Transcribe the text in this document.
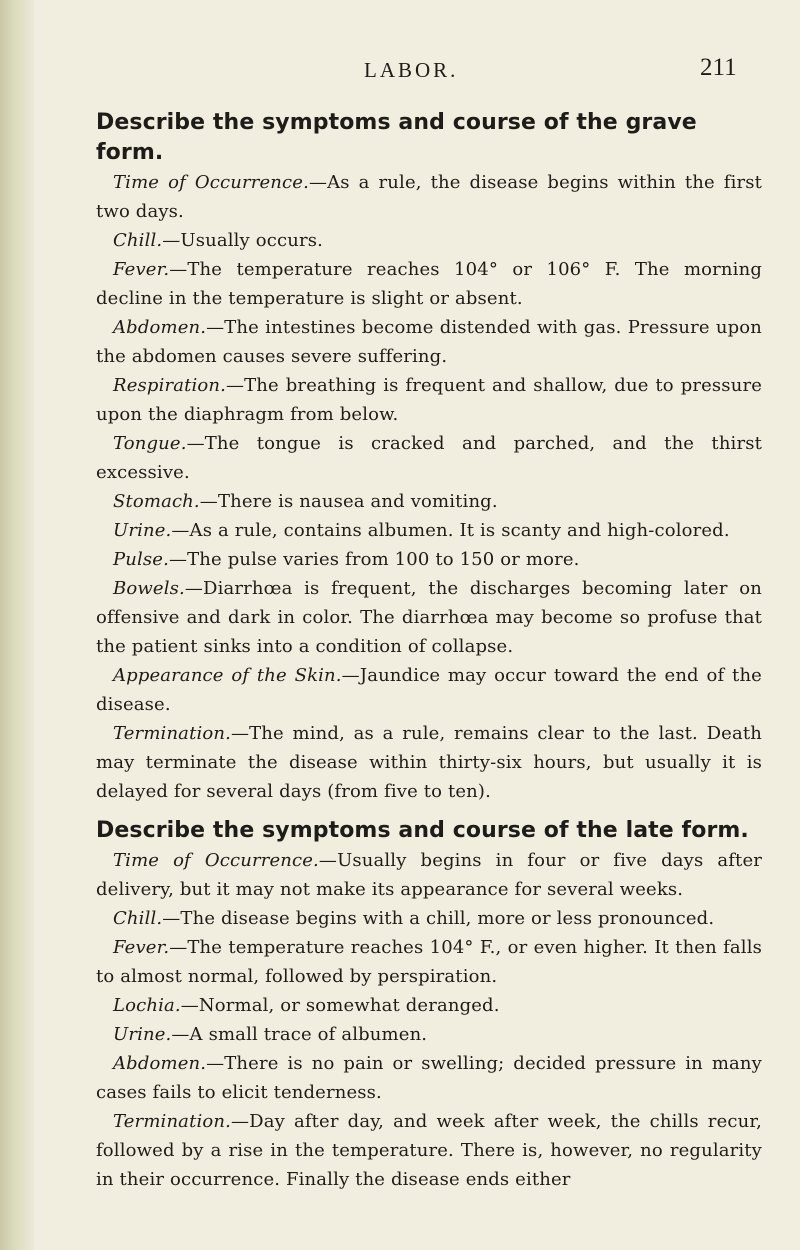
LABOR.	211
Describe the symptoms and course of the grave form.

Time of Occurrence.—As a rule, the disease begins within the first two days.

Chill.—Usually occurs.

Fever.—The temperature reaches 104° or 106° F. The morning decline in the temperature is slight or absent.

Abdomen.—The intestines become distended with gas. Pressure upon the abdomen causes severe suffering.

Respiration.—The breathing is frequent and shallow, due to pressure upon the diaphragm from below.

Tongue.—The tongue is cracked and parched, and the thirst excessive.

Stomach.—There is nausea and vomiting.

Urine.—As a rule, contains albumen. It is scanty and high-colored.

Pulse.—The pulse varies from 100 to 150 or more.

Bowels.—Diarrhœa is frequent, the discharges becoming later on offensive and dark in color. The diarrhœa may become so profuse that the patient sinks into a condition of collapse.

Appearance of the Skin.—Jaundice may occur toward the end of the disease.

Termination.—The mind, as a rule, remains clear to the last. Death may terminate the disease within thirty-six hours, but usually it is delayed for several days (from five to ten).

Describe the symptoms and course of the late form.

Time of Occurrence.—Usually begins in four or five days after delivery, but it may not make its appearance for several weeks.

Chill.—The disease begins with a chill, more or less pronounced.

Fever.—The temperature reaches 104° F., or even higher. It then falls to almost normal, followed by perspiration.

Lochia.—Normal, or somewhat deranged.

Urine.—A small trace of albumen.

Abdomen.—There is no pain or swelling; decided pressure in many cases fails to elicit tenderness.

Termination.—Day after day, and week after week, the chills recur, followed by a rise in the temperature. There is, however, no regularity in their occurrence. Finally the disease ends either
